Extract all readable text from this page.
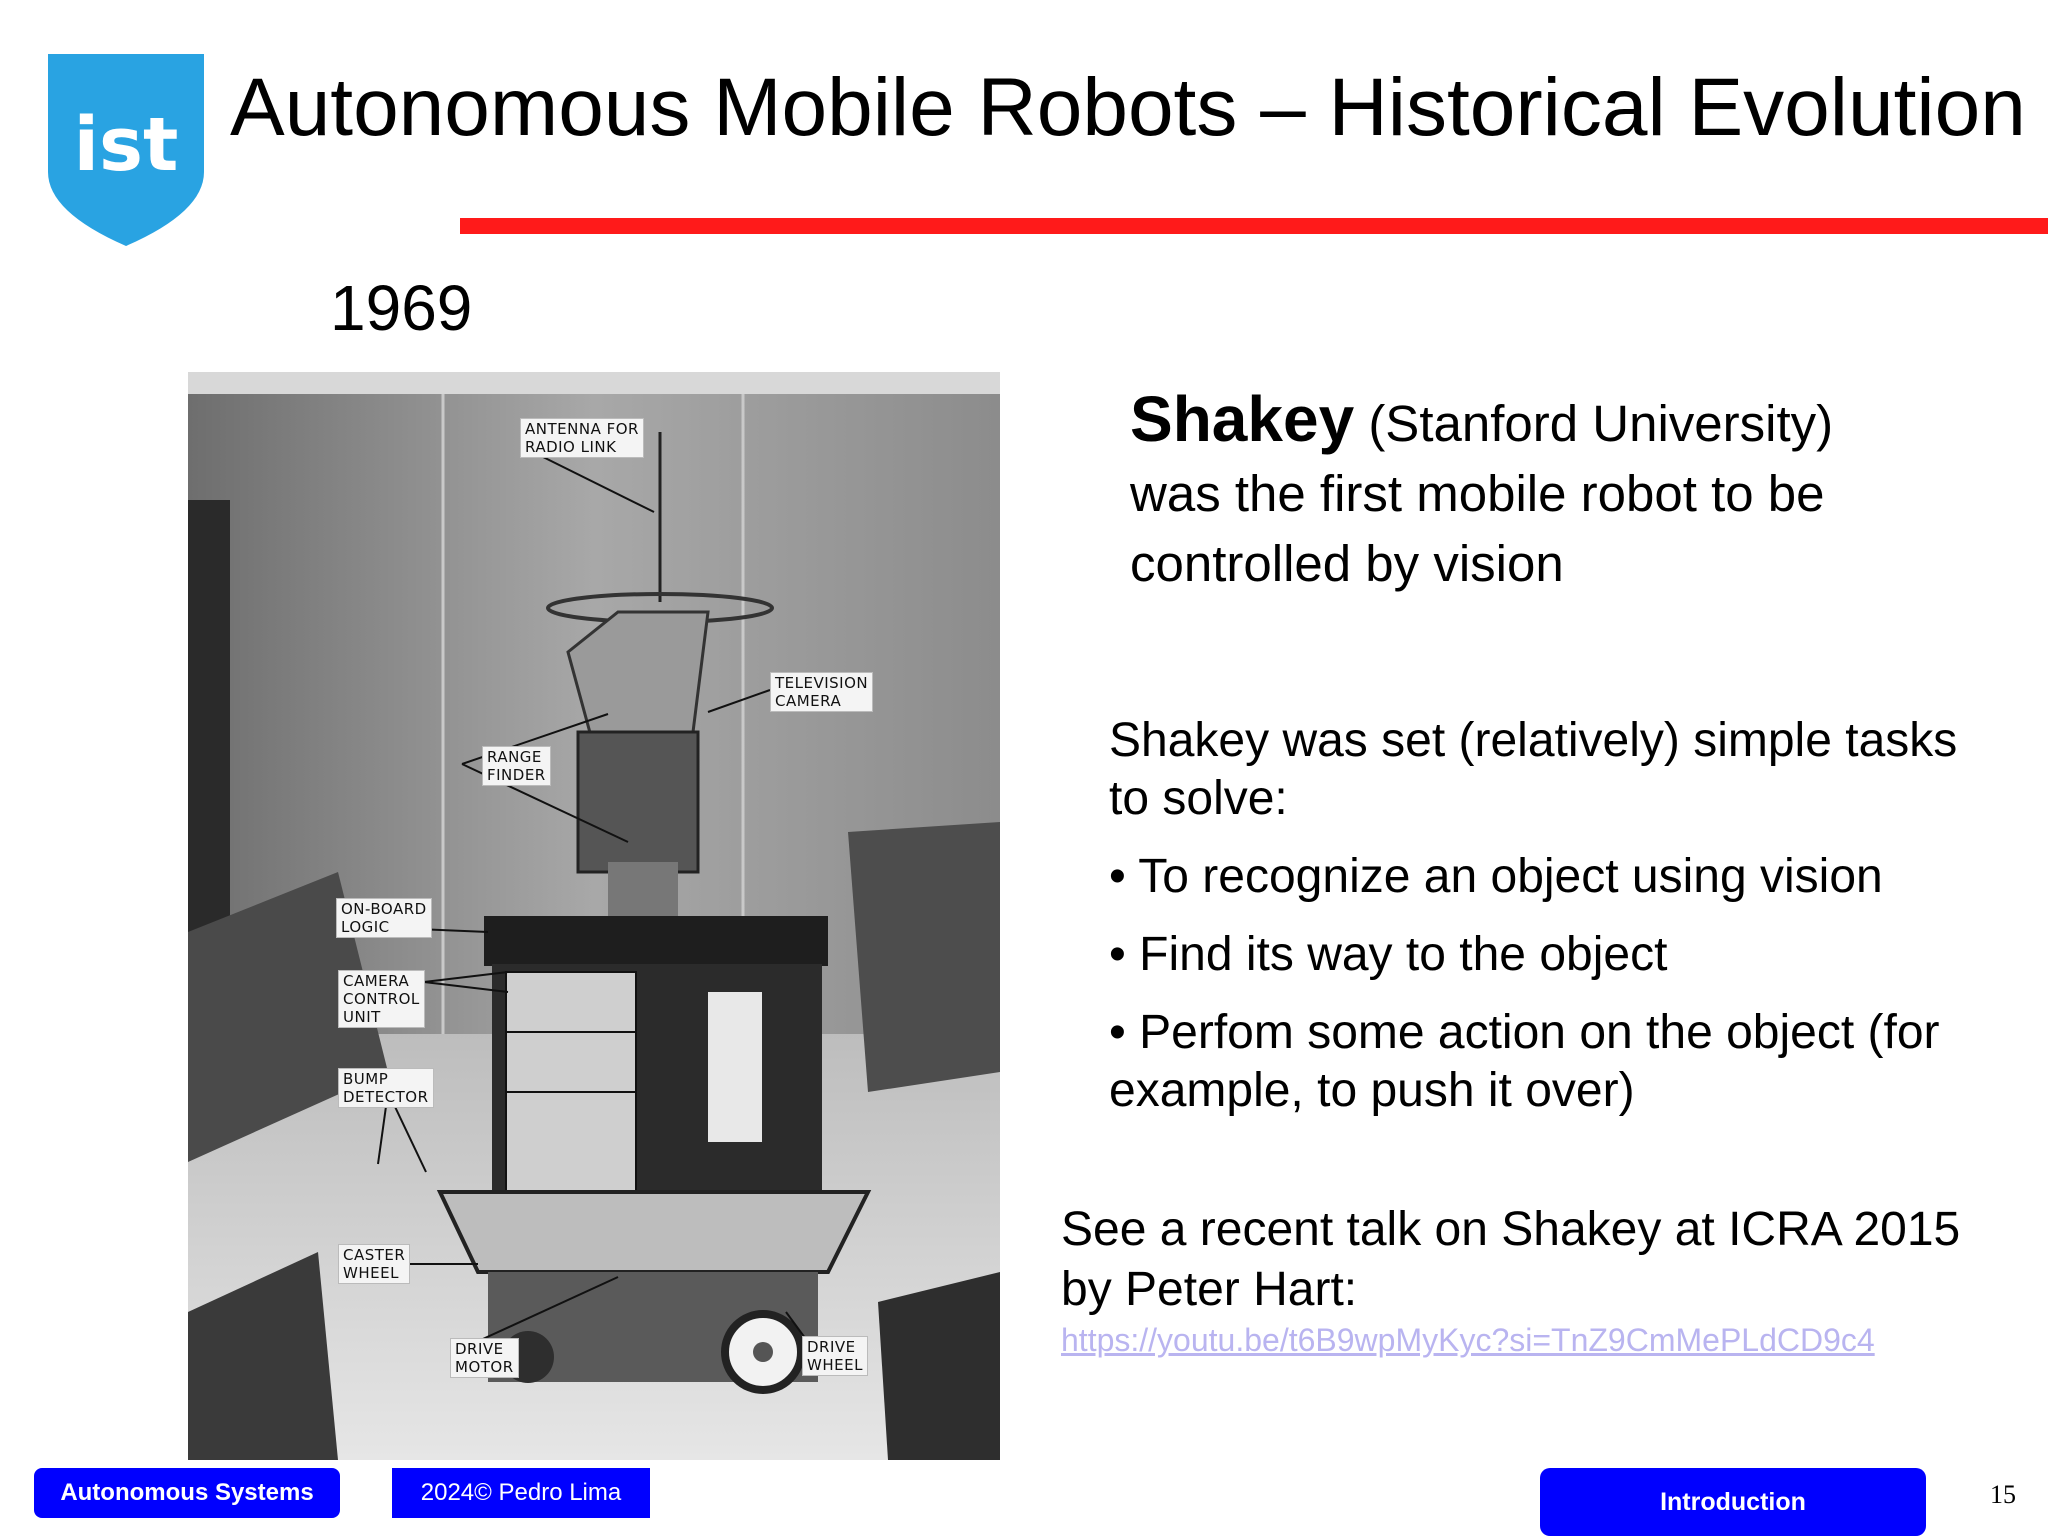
ist Autonomous Mobile Robots – Historical Evolution
1969
ANTENNA FOR
RADIO LINK
TELEVISION
CAMERA
RANGE
FINDER
ON-BOARD
LOGIC
CAMERA
CONTROL
UNIT
BUMP
DETECTOR
CASTER
WHEEL
DRIVE
MOTOR
DRIVE
WHEEL
Shakey (Stanford University)
was the first mobile robot to be controlled by vision
Shakey was set (relatively) simple tasks to solve:
• To recognize an object using vision
• Find its way to the object
• Perfom some action on the object (for example, to push it over)
See a recent talk on Shakey at ICRA 2015 by Peter Hart:
https://youtu.be/t6B9wpMyKyc?si=TnZ9CmMePLdCD9c4
Autonomous Systems	2024© Pedro Lima	Introduction	15
